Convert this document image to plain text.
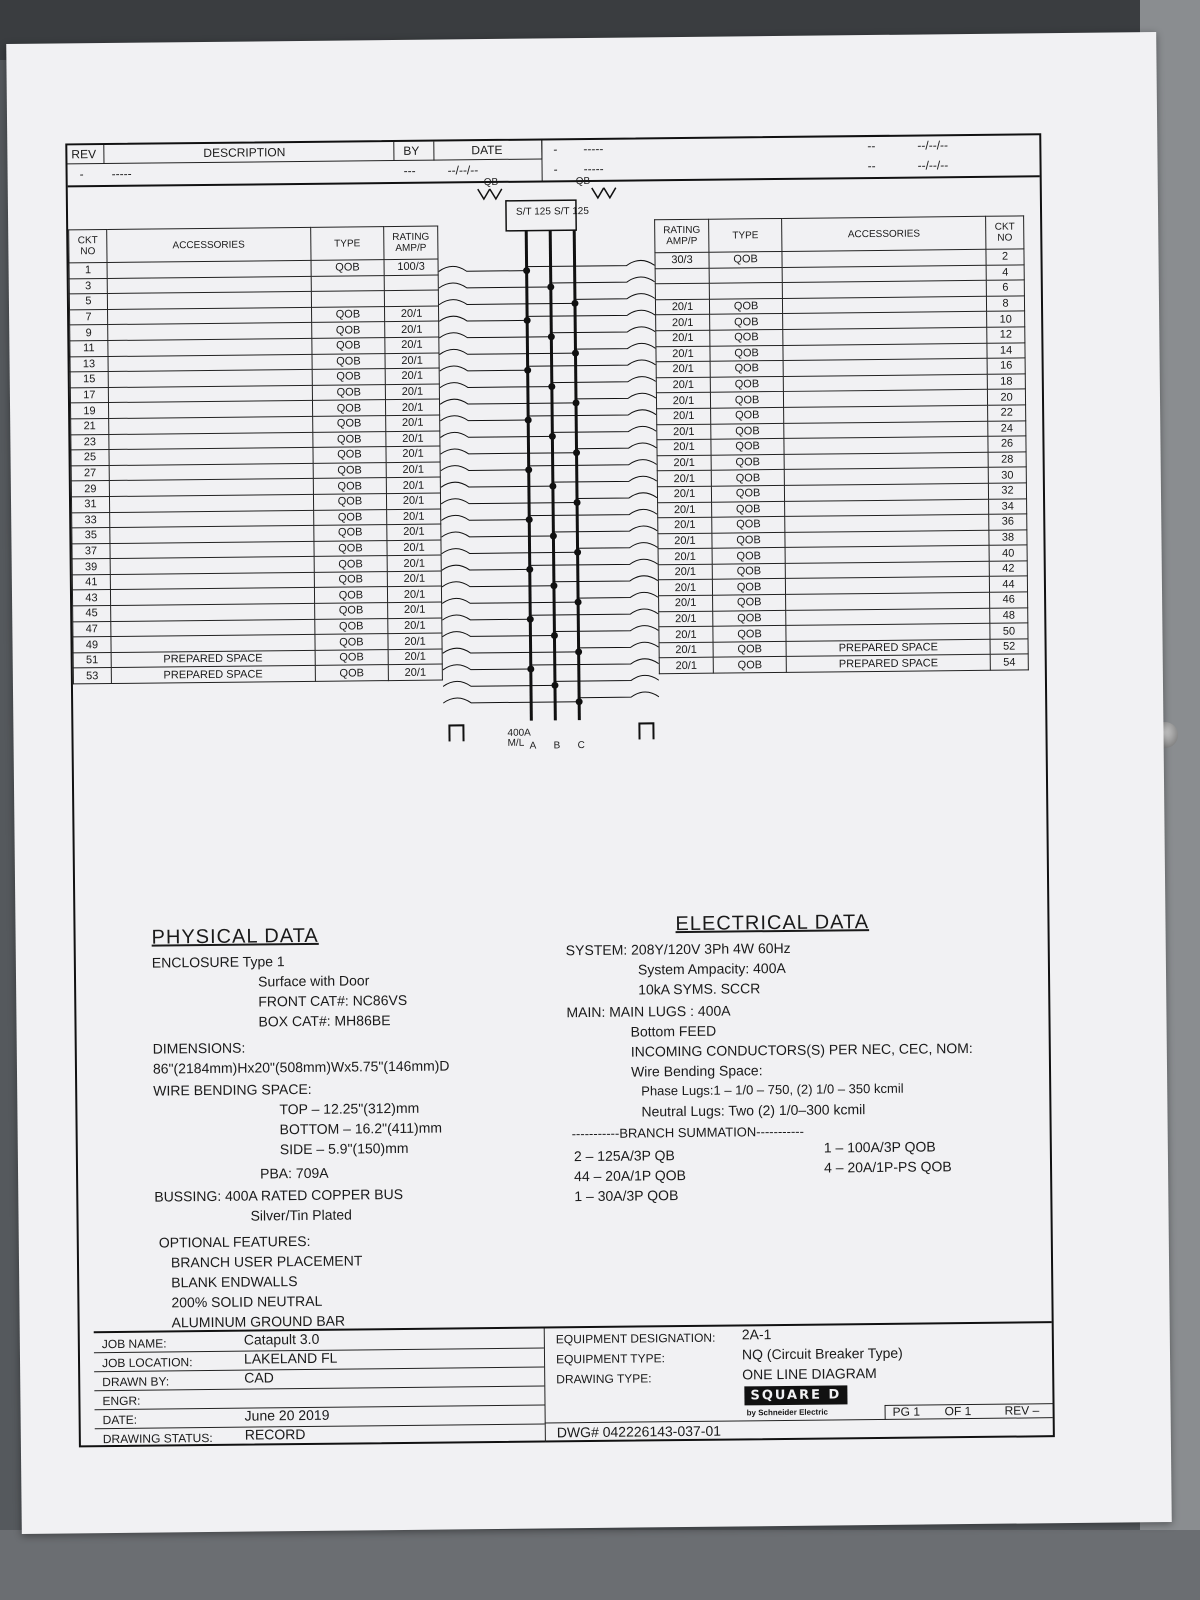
REV	DESCRIPTION	BY	DATE
- -----	---	--/--/--
- -----	--	--/--/--
- -----	--	--/--/--
QB	QB
S/T 125 S/T 125
CKT NO	ACCESSORIES	TYPE	RATING AMP/P
1		QOB	100/3
3			
5			
7		QOB	20/1
9		QOB	20/1
11		QOB	20/1
13		QOB	20/1
15		QOB	20/1
17		QOB	20/1
19		QOB	20/1
21		QOB	20/1
23		QOB	20/1
25		QOB	20/1
27		QOB	20/1
29		QOB	20/1
31		QOB	20/1
33		QOB	20/1
35		QOB	20/1
37		QOB	20/1
39		QOB	20/1
41		QOB	20/1
43		QOB	20/1
45		QOB	20/1
47		QOB	20/1
49		QOB	20/1
51	PREPARED SPACE	QOB	20/1
53	PREPARED SPACE	QOB	20/1
RATING AMP/P	TYPE	ACCESSORIES	CKT NO
30/3	QOB		2
			4
			6
20/1	QOB		8
20/1	QOB		10
20/1	QOB		12
20/1	QOB		14
20/1	QOB		16
20/1	QOB		18
20/1	QOB		20
20/1	QOB		22
20/1	QOB		24
20/1	QOB		26
20/1	QOB		28
20/1	QOB		30
20/1	QOB		32
20/1	QOB		34
20/1	QOB		36
20/1	QOB		38
20/1	QOB		40
20/1	QOB		42
20/1	QOB		44
20/1	QOB		46
20/1	QOB		48
20/1	QOB		50
20/1	QOB	PREPARED SPACE	52
20/1	QOB	PREPARED SPACE	54
400A M/L A B C
PHYSICAL DATA
ENCLOSURE Type 1
Surface with Door
FRONT CAT#: NC86VS
BOX CAT#: MH86BE
DIMENSIONS:
86"(2184mm)Hx20"(508mm)Wx5.75"(146mm)D
WIRE BENDING SPACE:
TOP – 12.25"(312)mm
BOTTOM – 16.2"(411)mm
SIDE – 5.9"(150)mm
PBA: 709A
BUSSING: 400A RATED COPPER BUS
Silver/Tin Plated
OPTIONAL FEATURES:
BRANCH USER PLACEMENT
BLANK ENDWALLS
200% SOLID NEUTRAL
ALUMINUM GROUND BAR
ELECTRICAL DATA
SYSTEM: 208Y/120V 3Ph 4W 60Hz
System Ampacity: 400A
10kA SYMS. SCCR
MAIN: MAIN LUGS : 400A
Bottom FEED
INCOMING CONDUCTORS(S) PER NEC, CEC, NOM:
Wire Bending Space:
Phase Lugs:1 – 1/0 – 750, (2) 1/0 – 350 kcmil
Neutral Lugs: Two (2) 1/0–300 kcmil
-----------BRANCH SUMMATION-----------
2 – 125A/3P QB
44 – 20A/1P QOB
1 – 30A/3P QOB
1 – 100A/3P QOB
4 – 20A/1P-PS QOB
JOB NAME:	Catapult 3.0
JOB LOCATION:	LAKELAND FL
DRAWN BY:	CAD
ENGR:
DATE:	June 20 2019
DRAWING STATUS: RECORD
EQUIPMENT DESIGNATION: 2A-1
EQUIPMENT TYPE:	NQ (Circuit Breaker Type)
DRAWING TYPE:	ONE LINE DIAGRAM
SQUARE D
by Schneider Electric
DWG# 042226143-037-01
PG 1 OF 1	REV –
